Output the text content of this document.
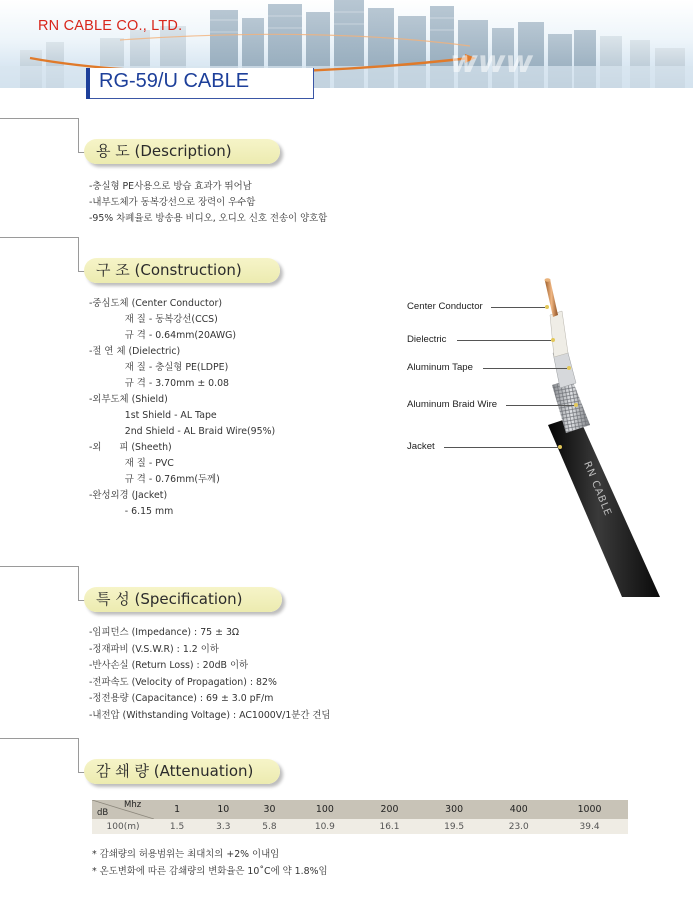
www
RN CABLE CO., LTD.
RG-59/U CABLE
용 도 (Description)
-충실형 PE사용으로 방습 효과가 뛰어남
-내부도체가 동복강선으로 장력이 우수함
-95% 차폐율로 방송용 비디오, 오디오 신호 전송이 양호함
구 조 (Construction)
-중심도체 (Center Conductor)
재 질 - 동복강선(CCS)
규 격 - 0.64mm(20AWG)
-절 연 체 (Dielectric)
재 질 - 충실형 PE(LDPE)
규 격 - 3.70mm ± 0.08
-외부도체 (Shield)
1st Shield - AL Tape
2nd Shield - AL Braid Wire(95%)
-외      피 (Sheeth)
재 질 - PVC
규 격 - 0.76mm(두께)
-완성외경 (Jacket)
- 6.15 mm	RN CABLE
Center Conductor
Dielectric
Aluminum Tape
Aluminum Braid Wire
Jacket
특 성 (Specification)
-임피던스 (Impedance) : 75 ± 3Ω
-정재파비 (V.S.W.R) : 1.2 이하
-반사손실 (Return Loss) : 20dB 이하
-전파속도 (Velocity of Propagation) : 82%
-정전용량 (Capacitance) : 69 ± 3.0 pF/m
-내전압 (Withstanding Voltage) : AC1000V/1분간 견딤
감 쇄 량 (Attenuation)
Mhz
dB	1	10	30	100	200	300	400	1000
100(m)	1.5	3.3	5.8	10.9	16.1	19.5	23.0	39.4
* 감쇄량의 허용범위는 최대치의 +2% 이내임
* 온도변화에 따른 감쇄량의 변화율은 10˚C에 약 1.8%임
